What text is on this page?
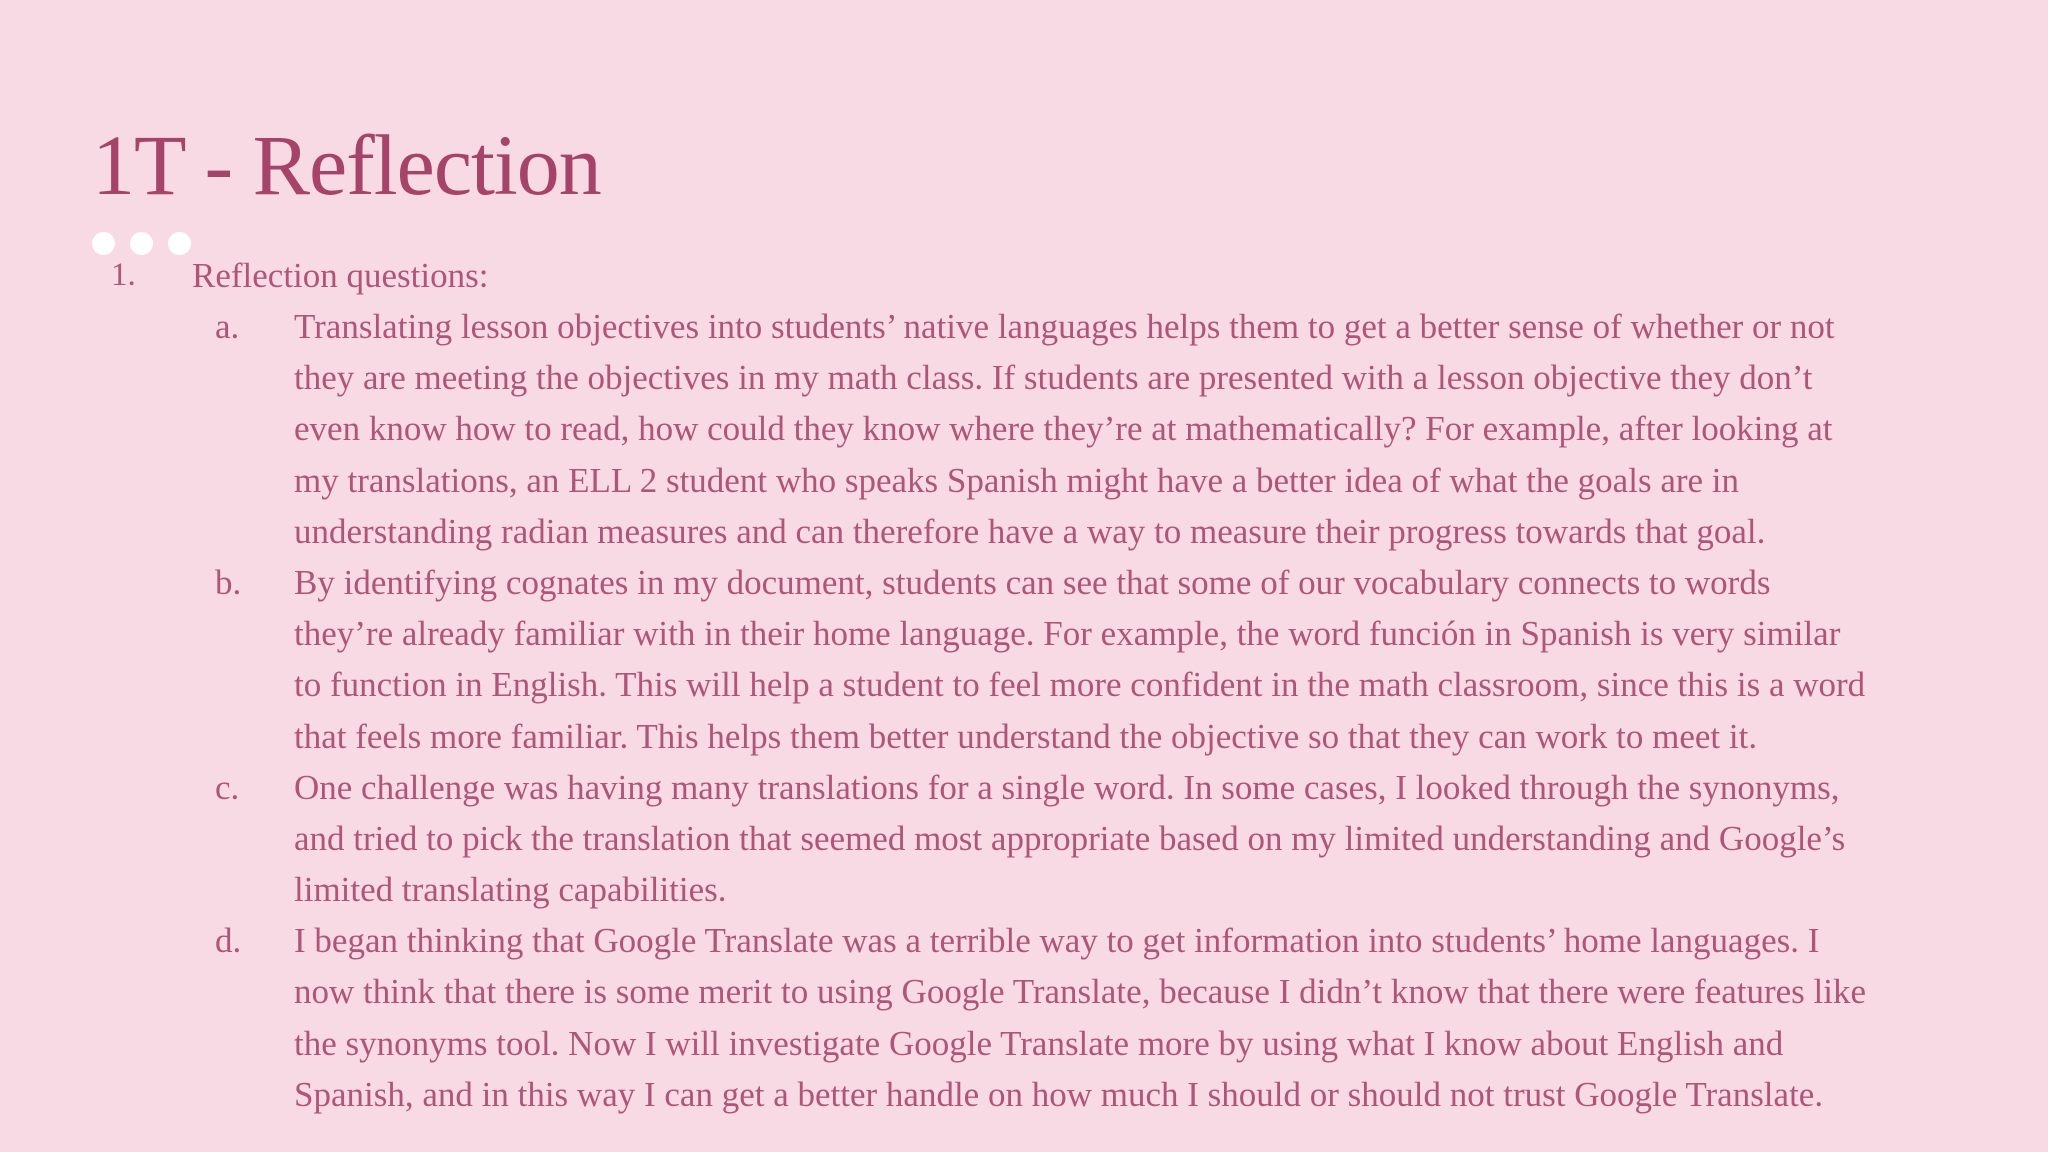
1T - Reflection
1. Reflection questions:
a. Translating lesson objectives into students’ native languages helps them to get a better sense of whether or not
they are meeting the objectives in my math class. If students are presented with a lesson objective they don’t
even know how to read, how could they know where they’re at mathematically? For example, after looking at
my translations, an ELL 2 student who speaks Spanish might have a better idea of what the goals are in
understanding radian measures and can therefore have a way to measure their progress towards that goal.
b. By identifying cognates in my document, students can see that some of our vocabulary connects to words
they’re already familiar with in their home language. For example, the word función in Spanish is very similar
to function in English. This will help a student to feel more confident in the math classroom, since this is a word
that feels more familiar. This helps them better understand the objective so that they can work to meet it.
c. One challenge was having many translations for a single word. In some cases, I looked through the synonyms,
and tried to pick the translation that seemed most appropriate based on my limited understanding and Google’s
limited translating capabilities.
d. I began thinking that Google Translate was a terrible way to get information into students’ home languages. I
now think that there is some merit to using Google Translate, because I didn’t know that there were features like
the synonyms tool. Now I will investigate Google Translate more by using what I know about English and
Spanish, and in this way I can get a better handle on how much I should or should not trust Google Translate.
